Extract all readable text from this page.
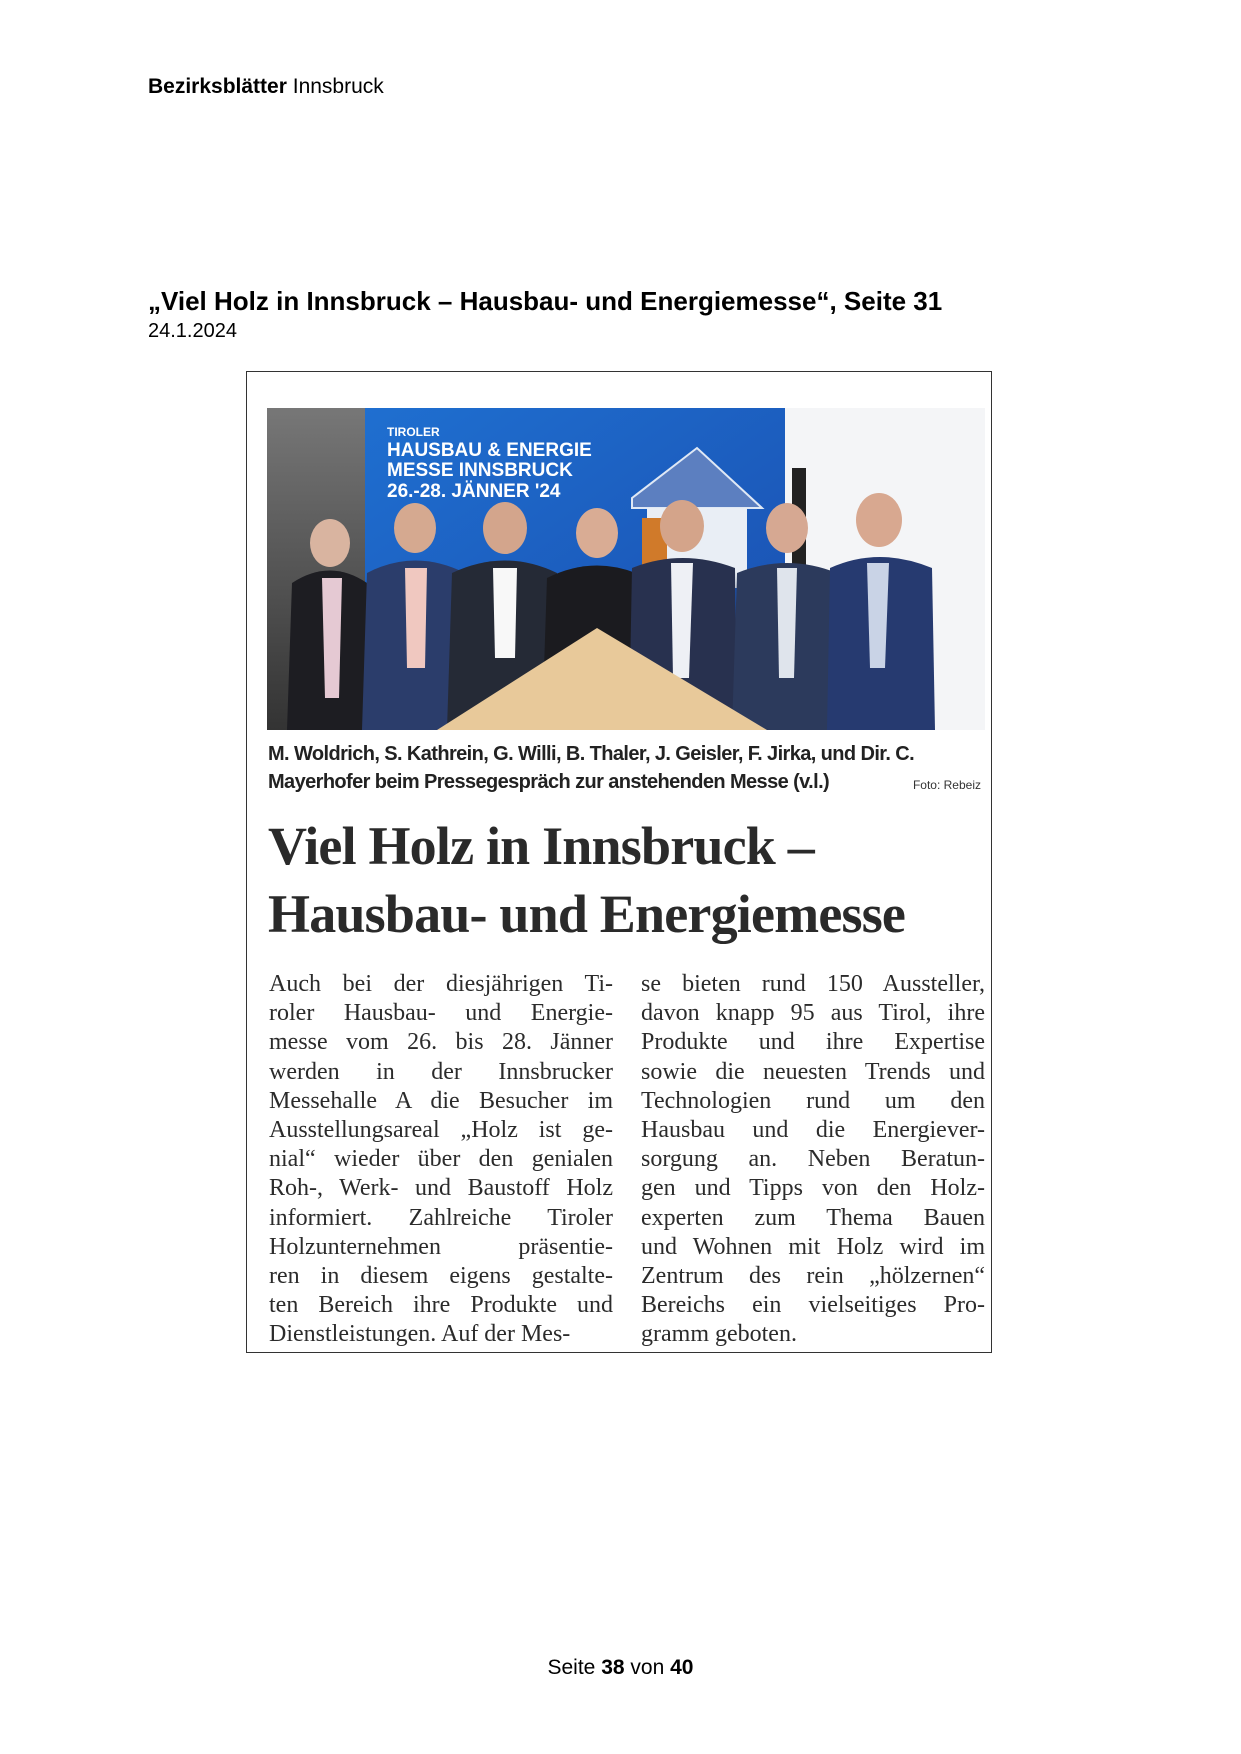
Bezirksblätter Innsbruck
„Viel Holz in Innsbruck – Hausbau- und Energiemesse“, Seite 31
24.1.2024
TIROLER
HAUSBAU & ENERGIE
MESSE INNSBRUCK
26.-28. JÄNNER '24
M. Woldrich, S. Kathrein, G. Willi, B. Thaler, J. Geisler, F. Jirka, und Dir. C.
Mayerhofer beim Pressegespräch zur anstehenden Messe (v.l.)	Foto: Rebeiz
Viel Holz in Innsbruck –
Hausbau- und Energiemesse
Auch bei der diesjährigen Ti-
roler Hausbau- und Energie-
messe vom 26. bis 28. Jänner
werden in der Innsbrucker
Messehalle A die Besucher im
Ausstellungsareal „Holz ist ge-
nial“ wieder über den genialen
Roh-, Werk- und Baustoff Holz
informiert. Zahlreiche Tiroler
Holzunternehmen präsentie-
ren in diesem eigens gestalte-
ten Bereich ihre Produkte und
Dienstleistungen. Auf der Mes-
se bieten rund 150 Aussteller,
davon knapp 95 aus Tirol, ihre
Produkte und ihre Expertise
sowie die neuesten Trends und
Technologien rund um den
Hausbau und die Energiever-
sorgung an. Neben Beratun-
gen und Tipps von den Holz-
experten zum Thema Bauen
und Wohnen mit Holz wird im
Zentrum des rein „hölzernen“
Bereichs ein vielseitiges Pro-
gramm geboten.
Seite 38 von 40
